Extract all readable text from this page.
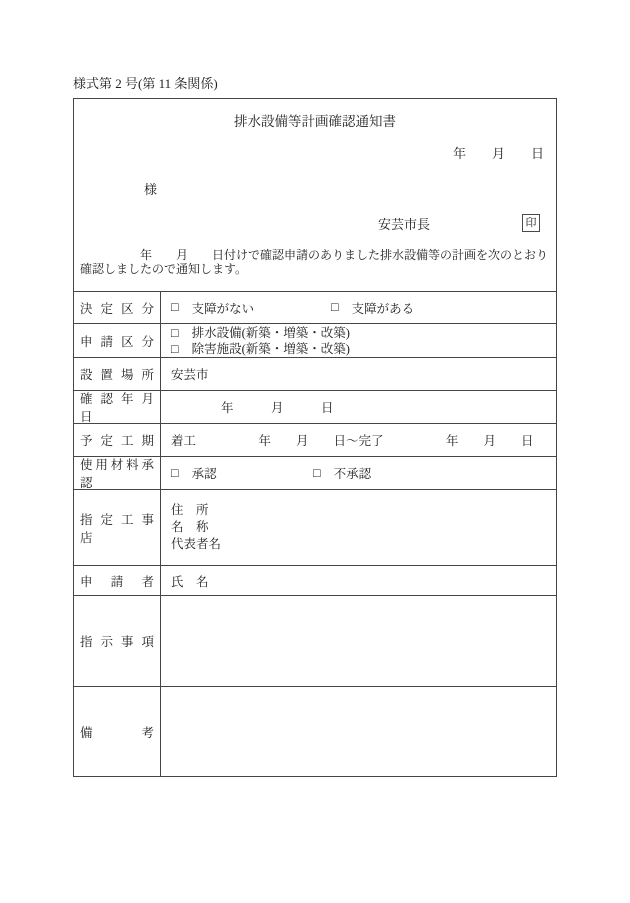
様式第 2 号(第 11 条関係)

排水設備等計画確認通知書
年　　月　　日
様
安芸市長	印
年　　月　　日付けで確認申請のありました排水設備等の計画を次のとおり
確認しましたので通知します。
決 定 区 分 □ 支障がない	□ 支障がある
申 請 区 分
□ 排水設備(新築・増築・改築)
□ 除害施設(新築・増築・改築)
設 置 場 所 安芸市
確 認 年 月 日
　　　　年　　　月　　　日
予 定 工 期 着工　　　　　年　　月　　日～完了　　　　　年　　月　　日
使用材料承認
□ 承認	□ 不承認
指 定 工 事 店
住　所
名　称
代表者名
申 請 者 氏　名
指 示 事 項
備 考
